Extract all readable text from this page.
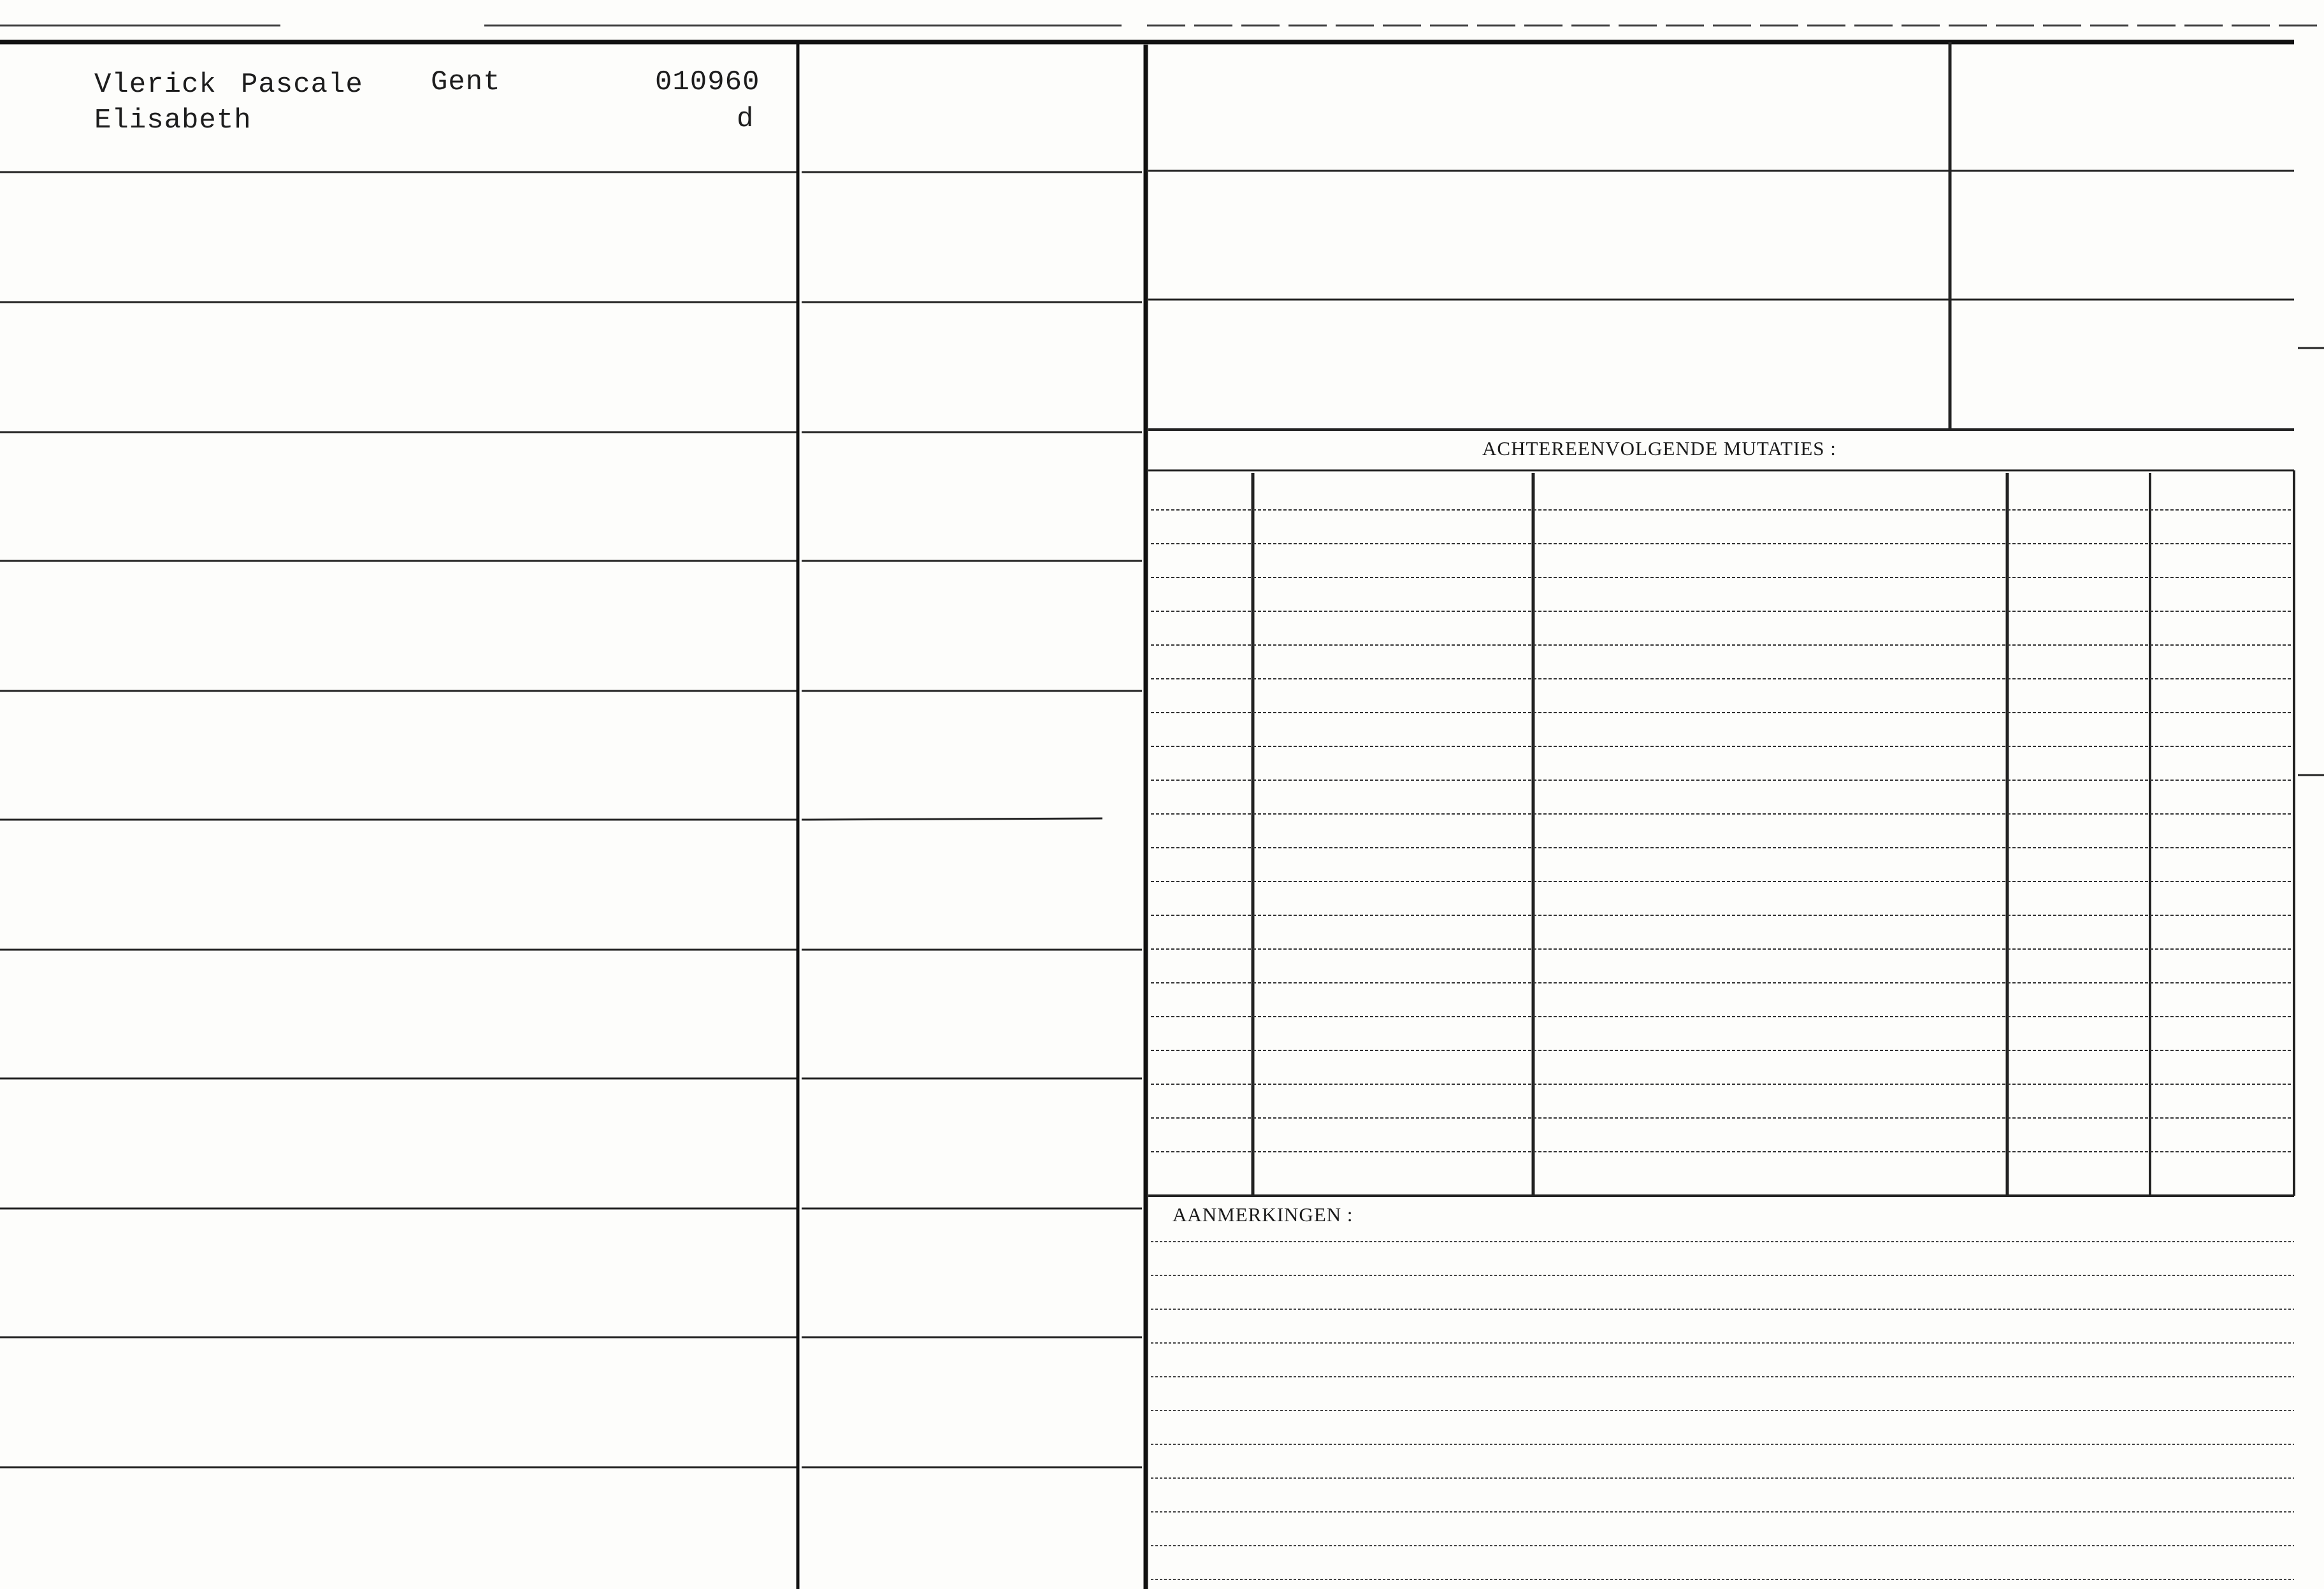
Vlerick Pascale Gent	010960
Elisabeth	d
ACHTEREENVOLGENDE MUTATIES :
AANMERKINGEN :
